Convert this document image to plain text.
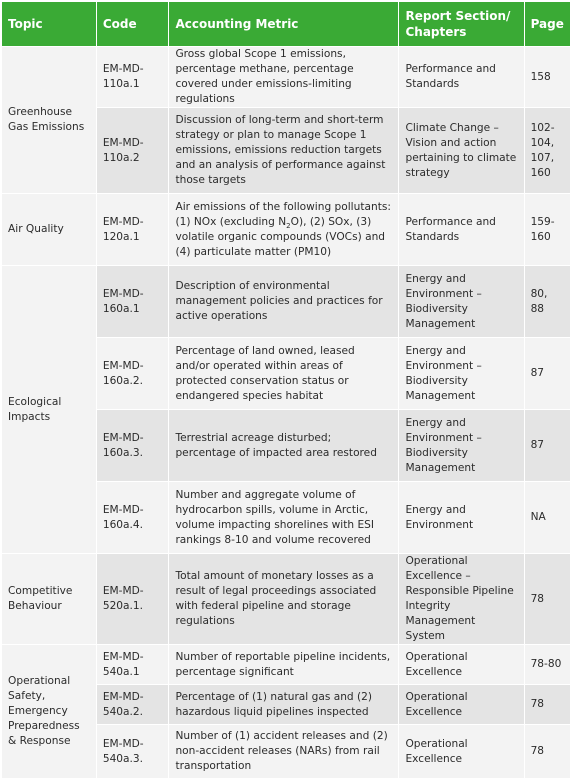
Topic	Code	Accounting Metric	Report Section/ Chapters	Page
Greenhouse Gas Emissions	EM-MD-110a.1	Gross global Scope 1 emissions, percentage methane, percentage covered under emissions-limiting regulations	Performance and Standards	158
	EM-MD-110a.2	Discussion of long-term and short-term strategy or plan to manage Scope 1 emissions, emissions reduction targets and an analysis of performance against those targets	Climate Change – Vision and action pertaining to climate strategy	102-104, 107, 160
Air Quality	EM-MD-120a.1	Air emissions of the following pollutants: (1) NOx (excluding $N_2O$), (2) SOx, (3) volatile organic compounds (VOCs) and (4) particulate matter (PM10)	Performance and Standards	159-160
Ecological Impacts	EM-MD-160a.1	Description of environmental management policies and practices for active operations	Energy and Environment – Biodiversity Management	80, 88
	EM-MD-160a.2.	Percentage of land owned, leased and/or operated within areas of protected conservation status or endangered species habitat	Energy and Environment – Biodiversity Management	87
	EM-MD-160a.3.	Terrestrial acreage disturbed; percentage of impacted area restored	Energy and Environment – Biodiversity Management	87
	EM-MD-160a.4.	Number and aggregate volume of hydrocarbon spills, volume in Arctic, volume impacting shorelines with ESI rankings 8-10 and volume recovered	Energy and Environment	NA
Competitive Behaviour	EM-MD-520a.1.	Total amount of monetary losses as a result of legal proceedings associated with federal pipeline and storage regulations	Operational Excellence – Responsible Pipeline Integrity Management System	78
Operational Safety, Emergency Preparedness & Response	EM-MD-540a.1	Number of reportable pipeline incidents, percentage significant	Operational Excellence	78-80
	EM-MD-540a.2.	Percentage of (1) natural gas and (2) hazardous liquid pipelines inspected	Operational Excellence	78
	EM-MD-540a.3.	Number of (1) accident releases and (2) non-accident releases (NARs) from rail transportation	Operational Excellence	78
